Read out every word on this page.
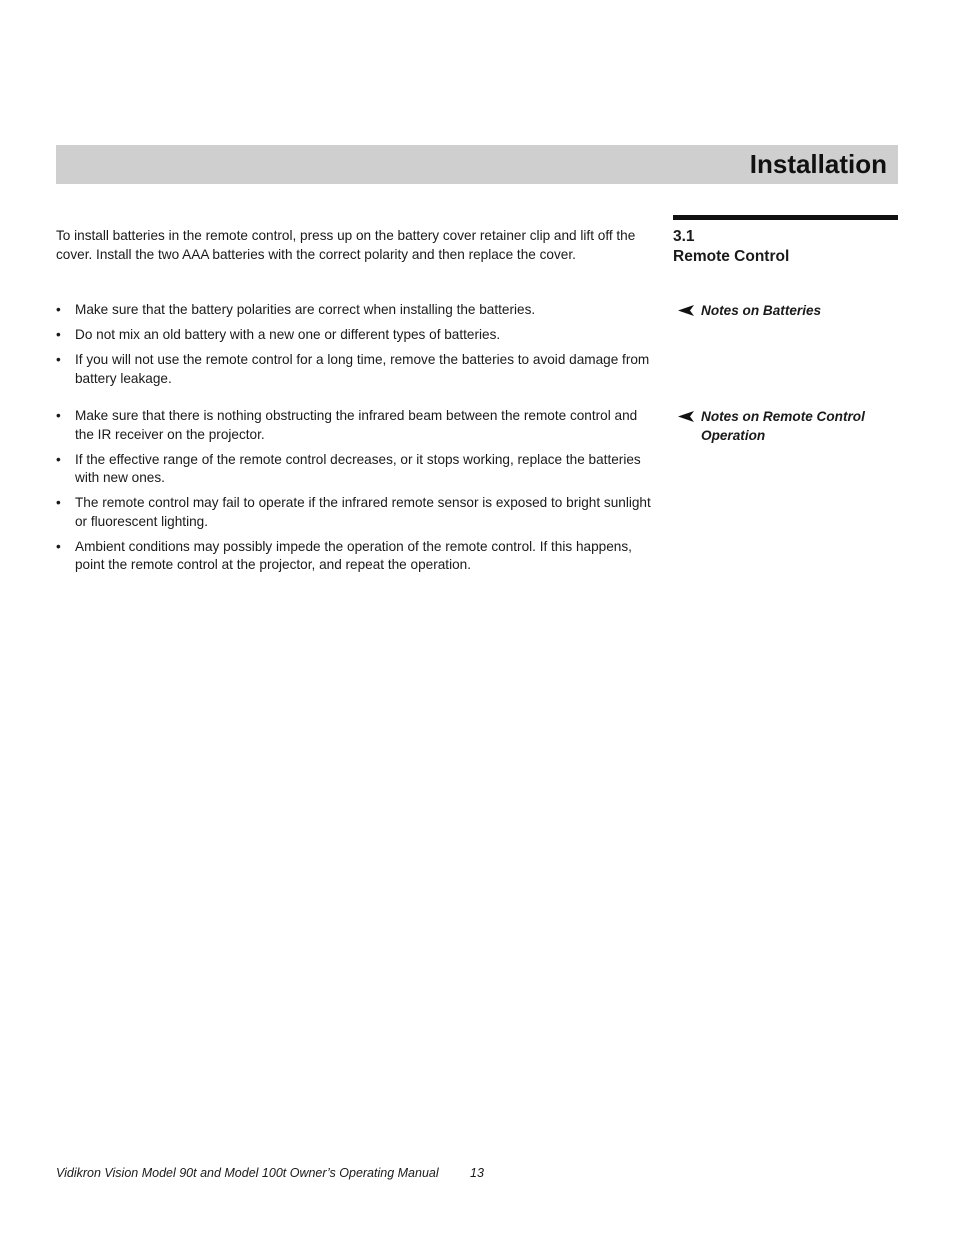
Installation
3.1
Remote Control

To install batteries in the remote control, press up on the battery cover retainer clip and lift off the cover. Install the two AAA batteries with the correct polarity and then replace the cover.

•	Make sure that the battery polarities are correct when installing the batteries.
•	Do not mix an old battery with a new one or different types of batteries.
•	If you will not use the remote control for a long time, remove the batteries to avoid damage from battery leakage.
Notes on Batteries
•	Make sure that there is nothing obstructing the infrared beam between the remote control and the IR receiver on the projector.
•	If the effective range of the remote control decreases, or it stops working, replace the batteries with new ones.
•	The remote control may fail to operate if the infrared remote sensor is exposed to bright sunlight or fluorescent lighting.
•	Ambient conditions may possibly impede the operation of the remote control. If this happens, point the remote control at the projector, and repeat the operation.
Notes on Remote Control Operation
Vidikron Vision Model 90t and Model 100t Owner’s Operating Manual	13
